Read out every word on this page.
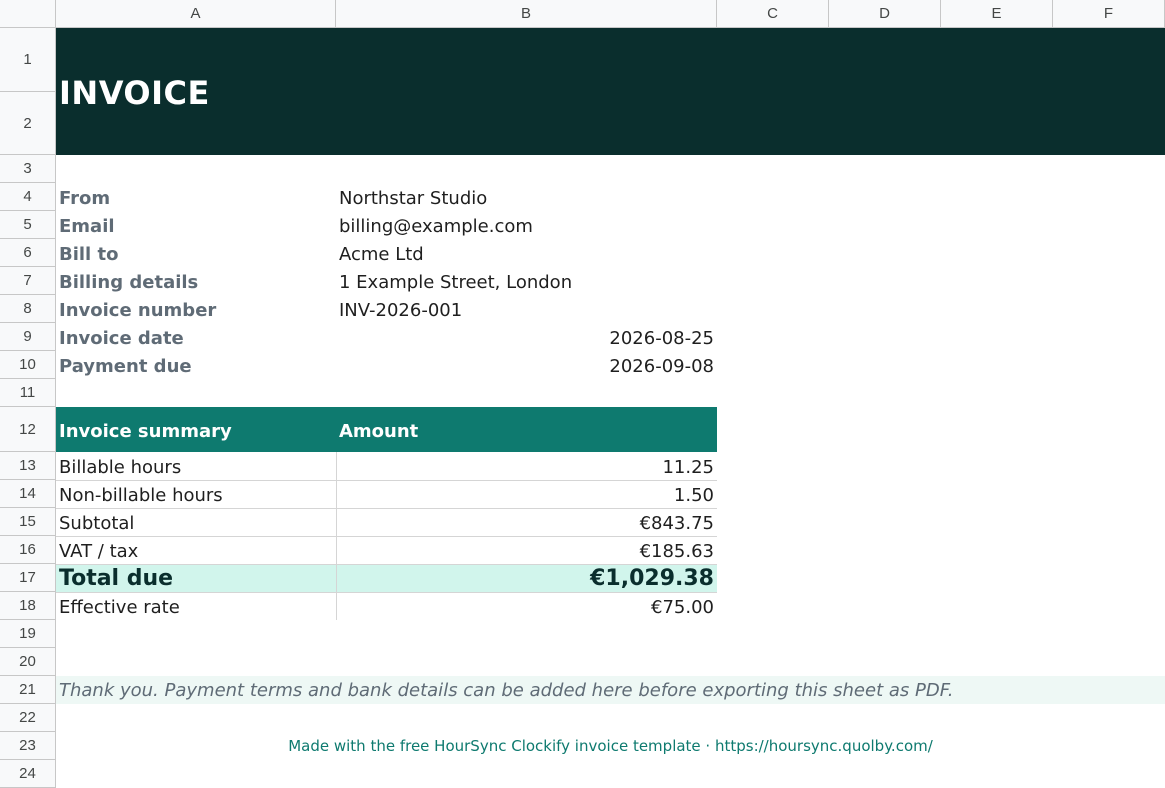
A	B	C	D	E	F
1
2
3
4
5
6
7
8
9
10
11
12
13
14
15
16
17
18
19
20
21
22
23
24
INVOICE
From	Northstar Studio
Email	billing@example.com
Bill to	Acme Ltd
Billing details	1 Example Street, London
Invoice number	INV-2026-001
Invoice date	2026-08-25
Payment due	2026-09-08
Invoice summary	Amount
Billable hours	11.25
Non-billable hours	1.50
Subtotal	€843.75
VAT / tax	€185.63
Total due	€1,029.38
Effective rate	€75.00
Thank you. Payment terms and bank details can be added here before exporting this sheet as PDF.
Made with the free HourSync Clockify invoice template · https://hoursync.quolby.com/
